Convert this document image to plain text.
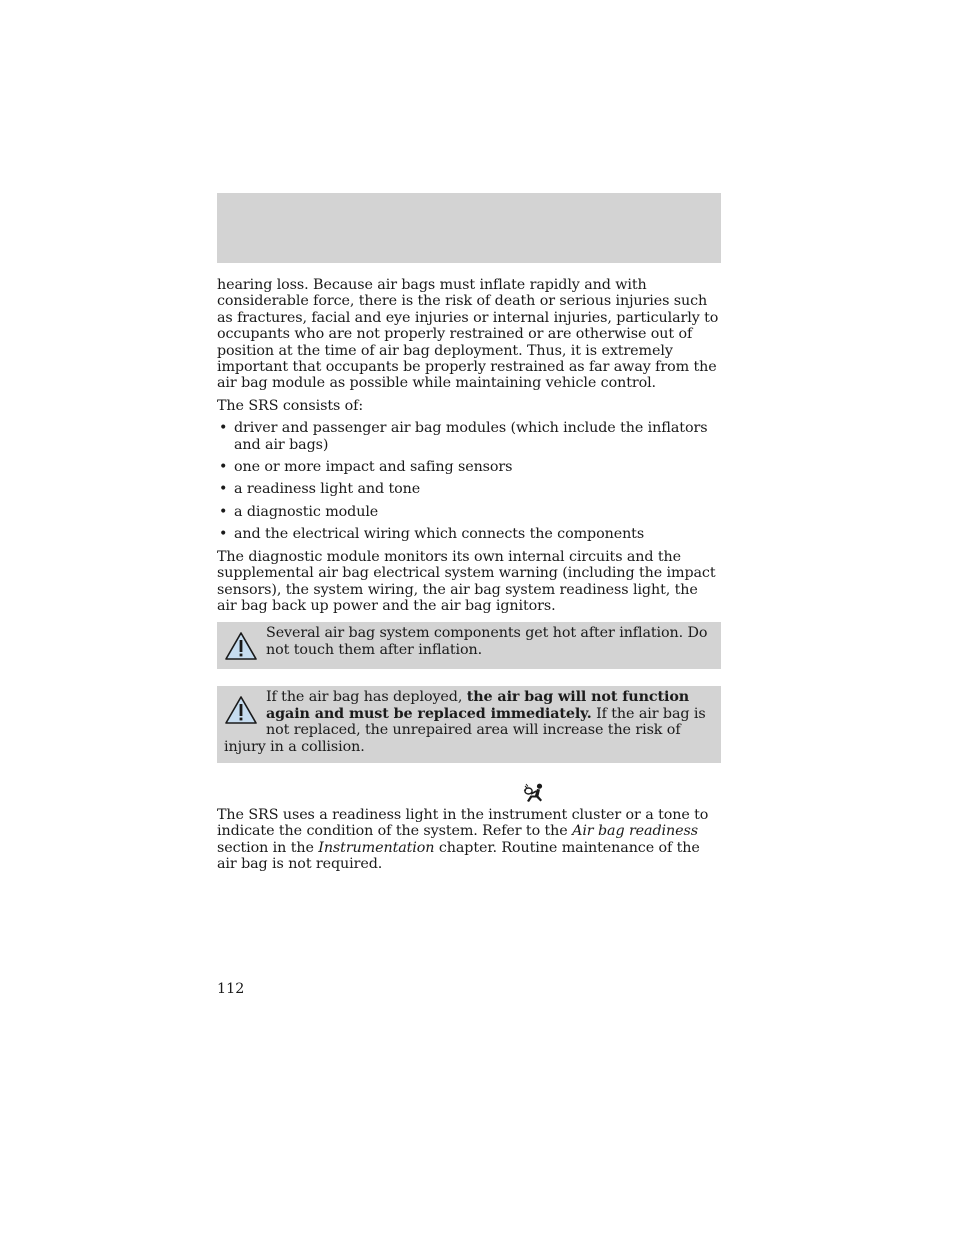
hearing loss. Because air bags must inflate rapidly and with considerable force, there is the risk of death or serious injuries such as fractures, facial and eye injuries or internal injuries, particularly to occupants who are not properly restrained or are otherwise out of position at the time of air bag deployment. Thus, it is extremely important that occupants be properly restrained as far away from the air bag module as possible while maintaining vehicle control.

The SRS consists of:

• driver and passenger air bag modules (which include the inflators and air bags)
• one or more impact and safing sensors
• a readiness light and tone
• a diagnostic module
• and the electrical wiring which connects the components

The diagnostic module monitors its own internal circuits and the supplemental air bag electrical system warning (including the impact sensors), the system wiring, the air bag system readiness light, the air bag back up power and the air bag ignitors.

Several air bag system components get hot after inflation. Do not touch them after inflation.

If the air bag has deployed, the air bag will not function again and must be replaced immediately. If the air bag is not replaced, the unrepaired area will increase the risk of injury in a collision.

The SRS uses a readiness light in the instrument cluster or a tone to indicate the condition of the system. Refer to the Air bag readiness section in the Instrumentation chapter. Routine maintenance of the air bag is not required.

112
